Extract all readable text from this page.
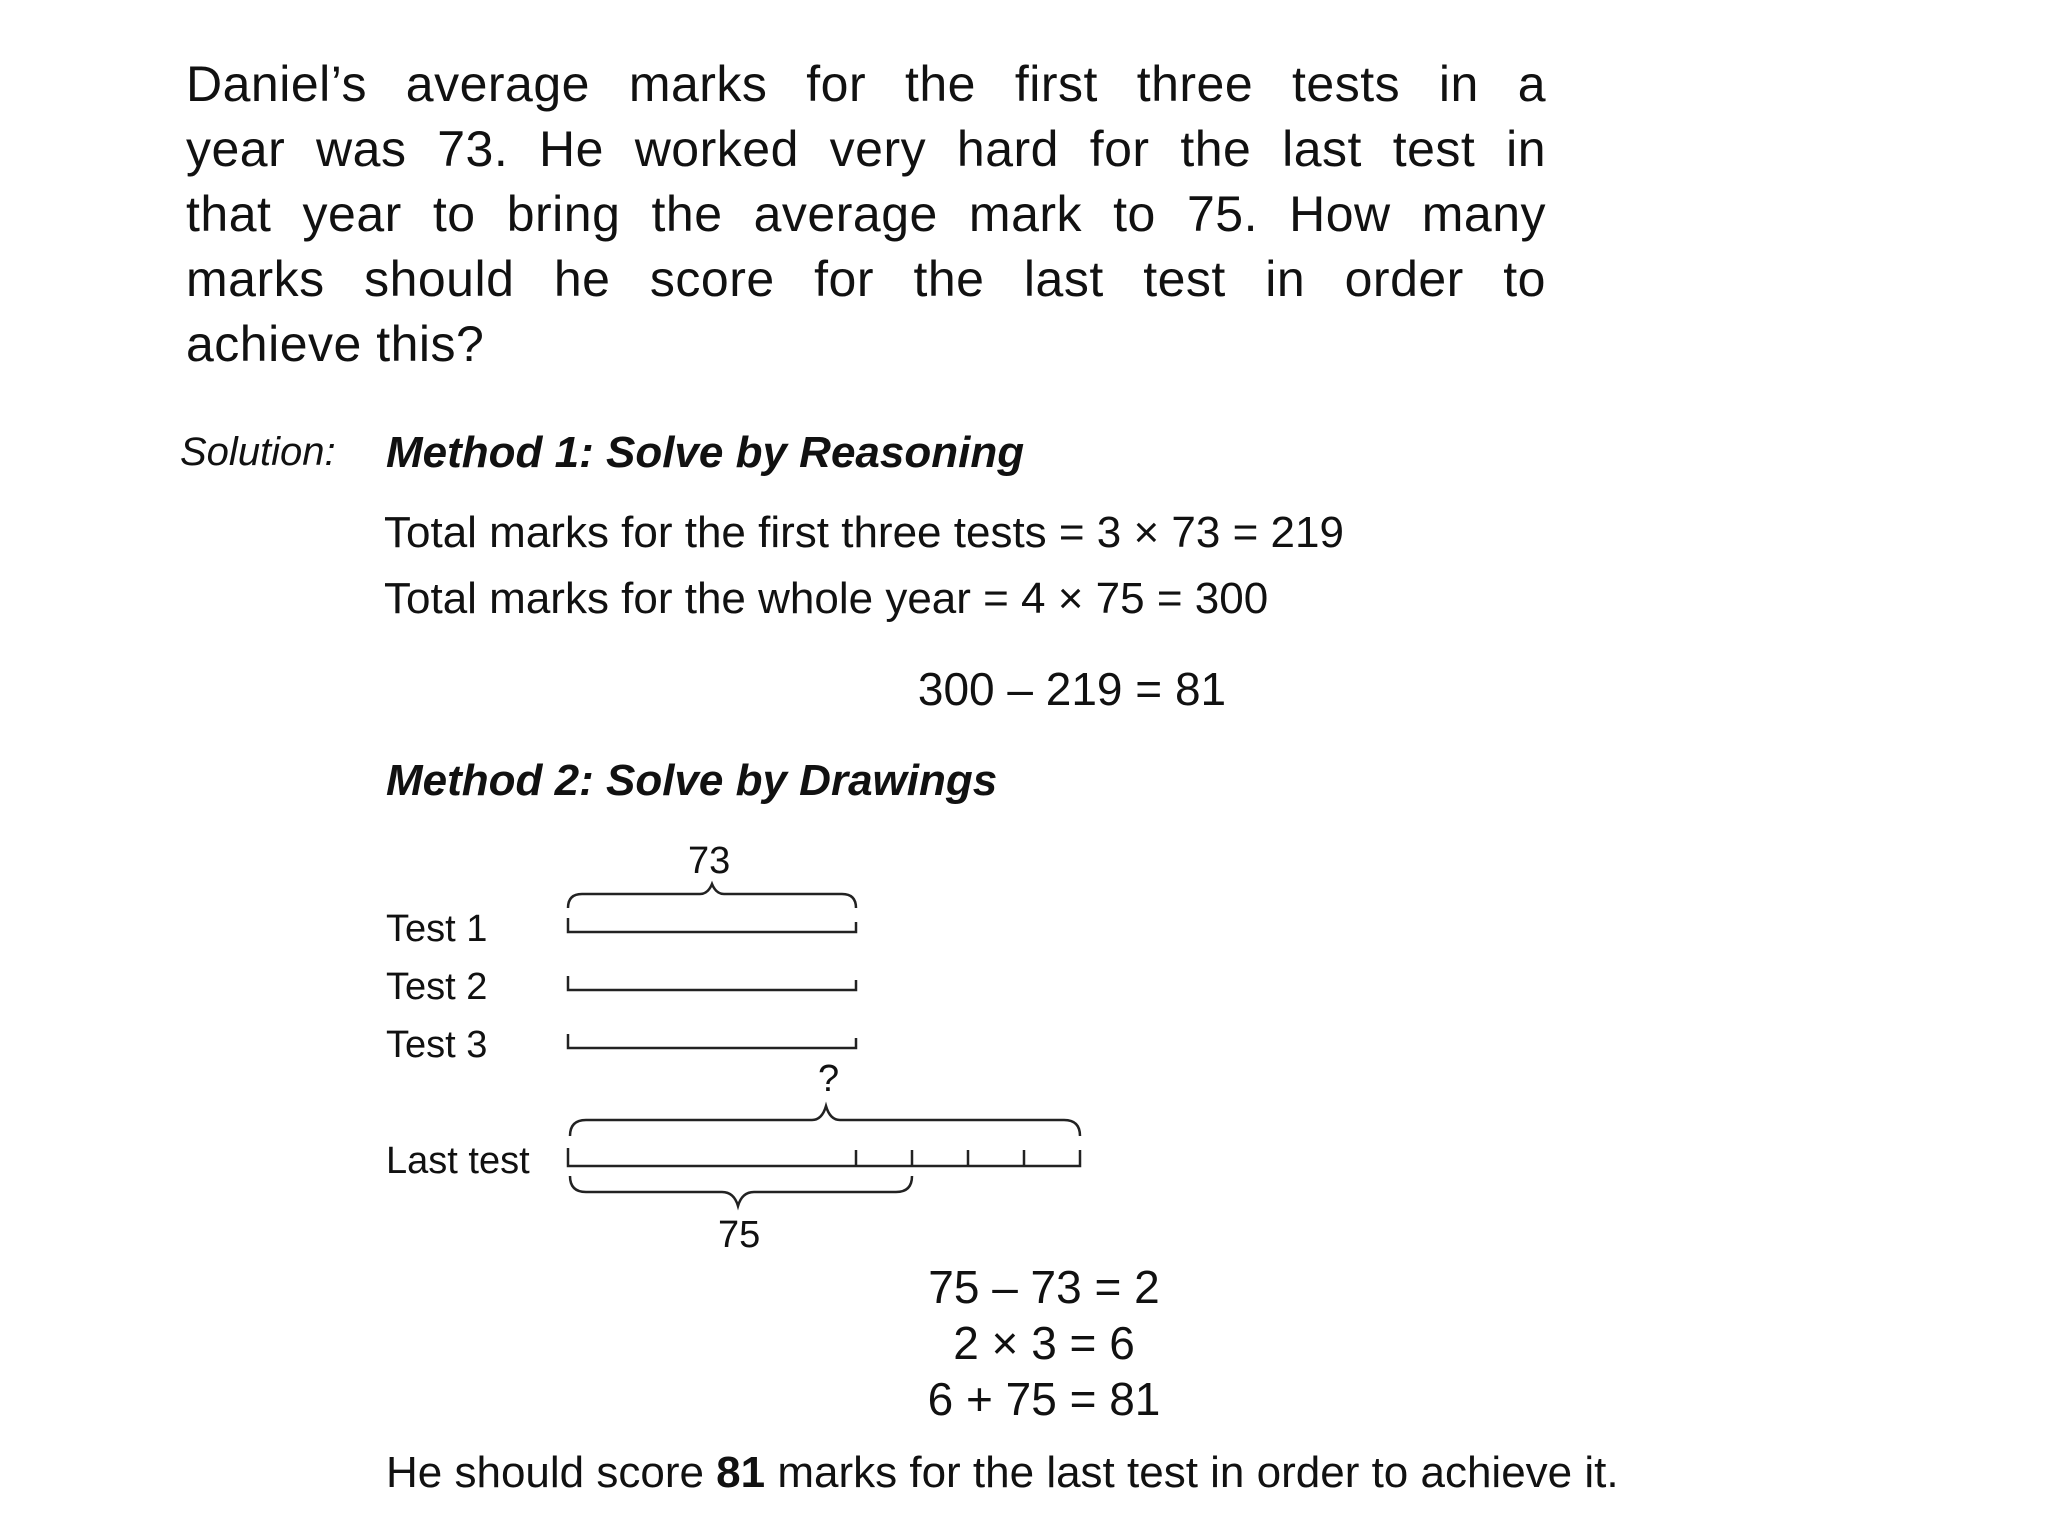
Daniel’s average marks for the first three tests in a
year was 73. He worked very hard for the last test in
that year to bring the average mark to 75. How many
marks should he score for the last test in order to
achieve this?
Solution: Method 1: Solve by Reasoning
Total marks for the first three tests = 3 × 73 = 219
Total marks for the whole year = 4 × 75 = 300
300 – 219 = 81
Method 2: Solve by Drawings
73
Test 1
Test 2
Test 3
?
Last test
75
75 – 73 = 2
2 × 3 = 6
6 + 75 = 81
He should score 81 marks for the last test in order to achieve it.
